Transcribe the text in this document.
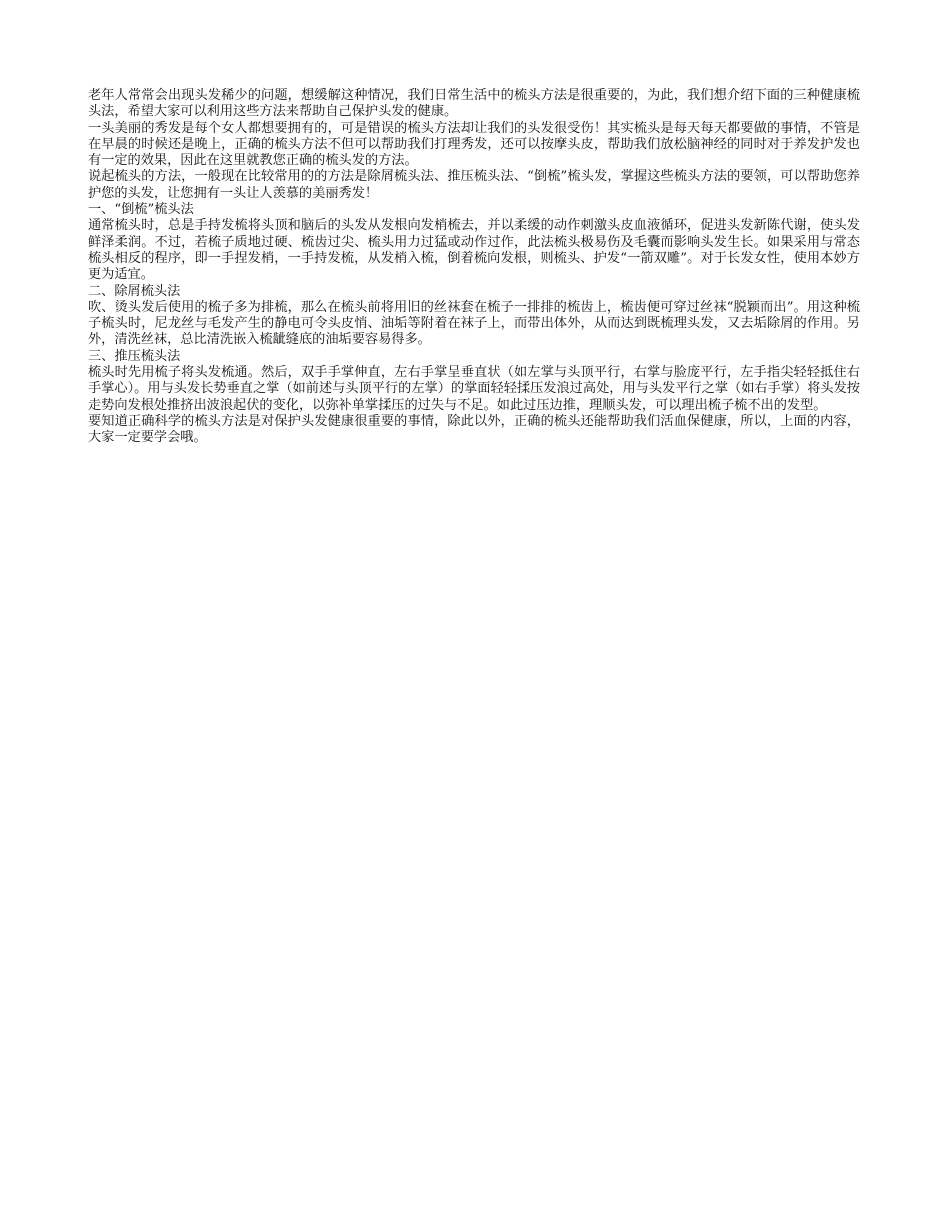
老年人常常会出现头发稀少的问题，想缓解这种情况，我们日常生活中的梳头方法是很重要的，为此，我们想介绍下面的三种健康梳头法，希望大家可以利用这些方法来帮助自己保护头发的健康。

一头美丽的秀发是每个女人都想要拥有的，可是错误的梳头方法却让我们的头发很受伤！其实梳头是每天每天都要做的事情，不管是在早晨的时候还是晚上，正确的梳头方法不但可以帮助我们打理秀发，还可以按摩头皮，帮助我们放松脑神经的同时对于养发护发也有一定的效果，因此在这里就教您正确的梳头发的方法。

说起梳头的方法，一般现在比较常用的的方法是除屑梳头法、推压梳头法、“倒梳”梳头发，掌握这些梳头方法的要领，可以帮助您养护您的头发，让您拥有一头让人羡慕的美丽秀发！

一、“倒梳”梳头法

通常梳头时，总是手持发梳将头顶和脑后的头发从发根向发梢梳去，并以柔缓的动作刺激头皮血液循环，促进头发新陈代谢，使头发鲜泽柔润。不过，若梳子质地过硬、梳齿过尖、梳头用力过猛或动作过作，此法梳头极易伤及毛囊而影响头发生长。如果采用与常态梳头相反的程序，即一手捏发梢，一手持发梳，从发梢入梳，倒着梳向发根，则梳头、护发“一箭双雕”。对于长发女性，使用本妙方更为适宜。

二、除屑梳头法

吹、烫头发后使用的梳子多为排梳，那么在梳头前将用旧的丝袜套在梳子一排排的梳齿上，梳齿便可穿过丝袜“脱颖而出”。用这种梳子梳头时，尼龙丝与毛发产生的静电可令头皮悄、油垢等附着在袜子上，而带出体外，从而达到既梳理头发，又去垢除屑的作用。另外，清洗丝袜，总比清洗嵌入梳龇缝底的油垢要容易得多。

三、推压梳头法

梳头时先用梳子将头发梳通。然后，双手手掌伸直，左右手掌呈垂直状（如左掌与头顶平行，右掌与脸庞平行，左手指尖轻轻抵住右手掌心）。用与头发长势垂直之掌（如前述与头顶平行的左掌）的掌面轻轻揉压发浪过高处，用与头发平行之掌（如右手掌）将头发按走势向发根处推挤出波浪起伏的变化，以弥补单掌揉压的过失与不足。如此过压边推，理顺头发，可以理出梳子梳不出的发型。

要知道正确科学的梳头方法是对保护头发健康很重要的事情，除此以外，正确的梳头还能帮助我们活血保健康，所以，上面的内容，大家一定要学会哦。
